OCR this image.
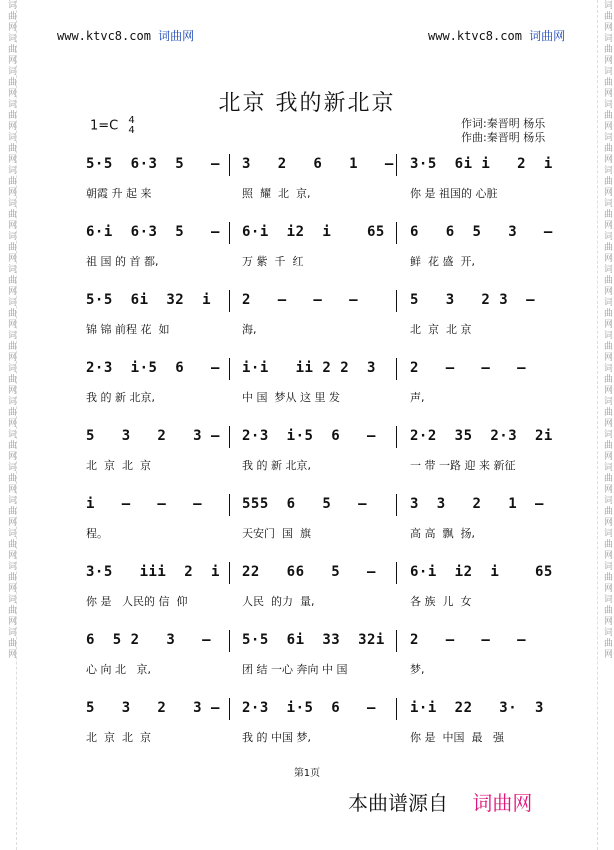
词曲网词曲网词曲网词曲网词曲网词曲网词曲网词曲网词曲网词曲网词曲网词曲网词曲网词曲网词曲网词曲网词曲网词曲网词曲网词曲网	词曲网词曲网词曲网词曲网词曲网词曲网词曲网词曲网词曲网词曲网词曲网词曲网词曲网词曲网词曲网词曲网词曲网词曲网词曲网词曲网
www.ktvc8.com 词曲网	www.ktvc8.com 词曲网
北京 我的新北京
1=C 4
4
作词:秦晋明 杨乐
作曲:秦晋明 杨乐
5·5  6·3  5   –
朝霞 升 起 来
3   2   6   1   –
照  耀  北  京,
3·5  6i i   2  i
你 是 祖国的 心脏
6·i  6·3  5   –
祖 国 的 首 都,
6·i  i2  i    65
万 紫  千  红
6   6  5   3   –
鲜  花 盛  开,
5·5  6i  32  i
锦 锦 前程 花  如
2   –   –   –
海,
5   3   2 3  –
北  京  北 京
2·3  i·5  6   –
我 的 新 北京,
i·i   ii 2 2  3
中 国  梦从 这 里 发
2   –   –   –
声,
5   3   2   3 –
北  京  北  京
2·3  i·5  6   –
我 的 新 北京,
2·2  35  2·3  2i
一 带 一路 迎 来 新征
i   –   –   –
程。
555  6   5   –
天安门  国  旗
3  3   2   1  –
高 高  飘  扬,
3·5   iii  2  i
你 是   人民的 信  仰
22   66   5   –
人民  的力  量,
6·i  i2  i    65
各 族  儿  女
6  5 2   3   –
心 向 北   京,
5·5  6i  33  32i
团 结 一心 奔向 中 国
2   –   –   –
梦,
5   3   2   3 –
北  京  北  京
2·3  i·5  6   –
我 的 中国 梦,
i·i  22   3·  3
你 是  中国  最   强
第1页
本曲谱源自 词曲网
